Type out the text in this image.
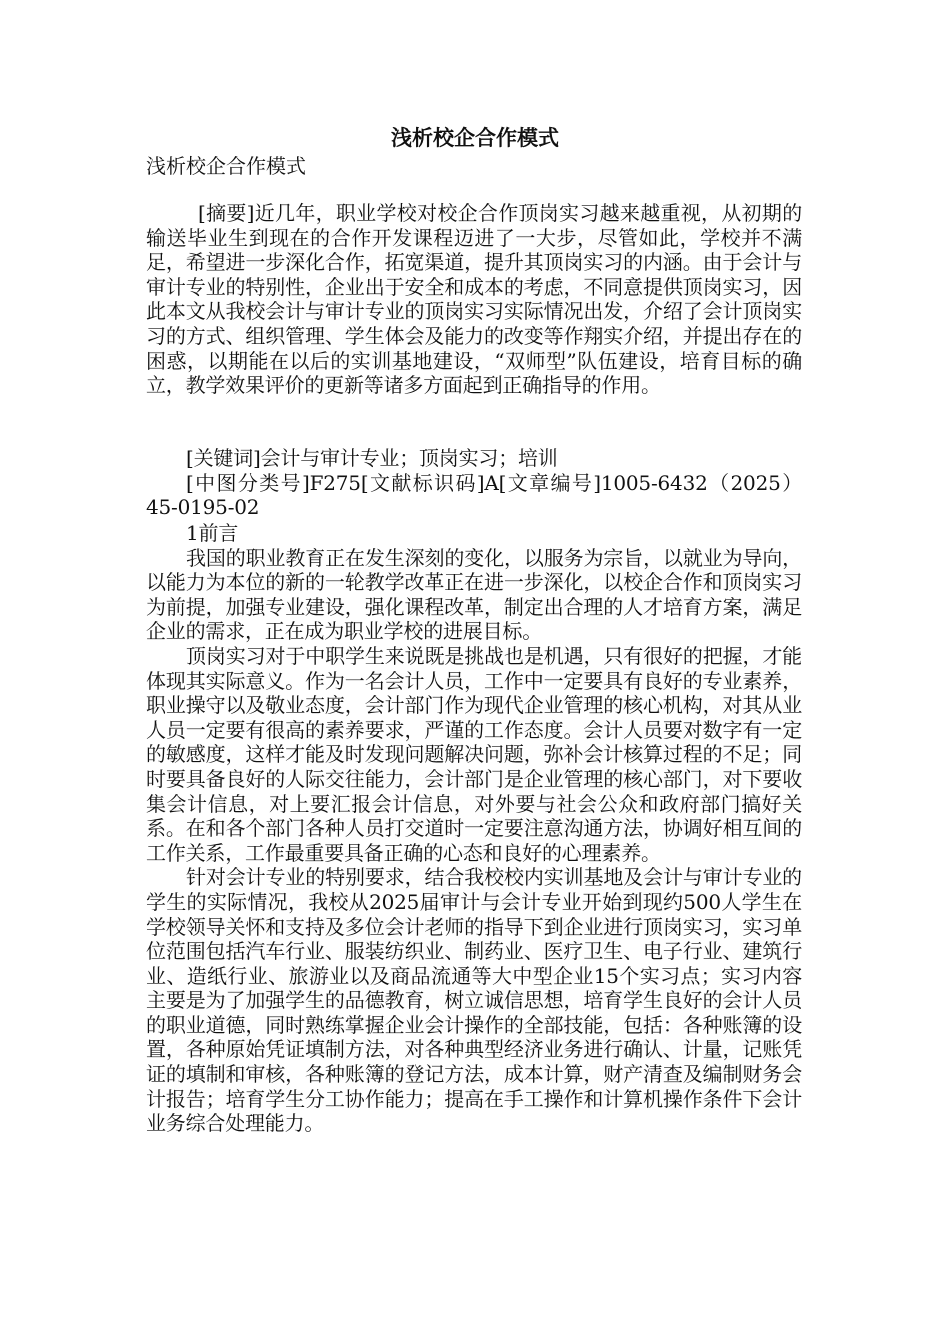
浅析校企合作模式
浅析校企合作模式

[摘要]近几年，职业学校对校企合作顶岗实习越来越重视，从初期的输送毕业生到现在的合作开发课程迈进了一大步，尽管如此，学校并不满足，希望进一步深化合作，拓宽渠道，提升其顶岗实习的内涵。由于会计与审计专业的特别性，企业出于安全和成本的考虑，不同意提供顶岗实习，因此本文从我校会计与审计专业的顶岗实习实际情况出发，介绍了会计顶岗实习的方式、组织管理、学生体会及能力的改变等作翔实介绍，并提出存在的困惑，以期能在以后的实训基地建设，“双师型”队伍建设，培育目标的确立，教学效果评价的更新等诸多方面起到正确指导的作用。

[关键词]会计与审计专业；顶岗实习；培训

[中图分类号]F275[文献标识码]A[文章编号]1005-6432（2025）45-0195-02

1前言

我国的职业教育正在发生深刻的变化，以服务为宗旨，以就业为导向，以能力为本位的新的一轮教学改革正在进一步深化，以校企合作和顶岗实习为前提，加强专业建设，强化课程改革，制定出合理的人才培育方案，满足企业的需求，正在成为职业学校的进展目标。

顶岗实习对于中职学生来说既是挑战也是机遇，只有很好的把握，才能体现其实际意义。作为一名会计人员，工作中一定要具有良好的专业素养，职业操守以及敬业态度，会计部门作为现代企业管理的核心机构，对其从业人员一定要有很高的素养要求，严谨的工作态度。会计人员要对数字有一定的敏感度，这样才能及时发现问题解决问题，弥补会计核算过程的不足；同时要具备良好的人际交往能力，会计部门是企业管理的核心部门，对下要收集会计信息，对上要汇报会计信息，对外要与社会公众和政府部门搞好关系。在和各个部门各种人员打交道时一定要注意沟通方法，协调好相互间的工作关系，工作最重要具备正确的心态和良好的心理素养。

针对会计专业的特别要求，结合我校校内实训基地及会计与审计专业的学生的实际情况，我校从2025届审计与会计专业开始到现约500人学生在学校领导关怀和支持及多位会计老师的指导下到企业进行顶岗实习，实习单位范围包括汽车行业、服装纺织业、制药业、医疗卫生、电子行业、建筑行业、造纸行业、旅游业以及商品流通等大中型企业15个实习点；实习内容主要是为了加强学生的品德教育，树立诚信思想，培育学生良好的会计人员的职业道德，同时熟练掌握企业会计操作的全部技能，包括：各种账簿的设置，各种原始凭证填制方法，对各种典型经济业务进行确认、计量，记账凭证的填制和审核，各种账簿的登记方法，成本计算，财产清查及编制财务会计报告；培育学生分工协作能力；提高在手工操作和计算机操作条件下会计业务综合处理能力。
